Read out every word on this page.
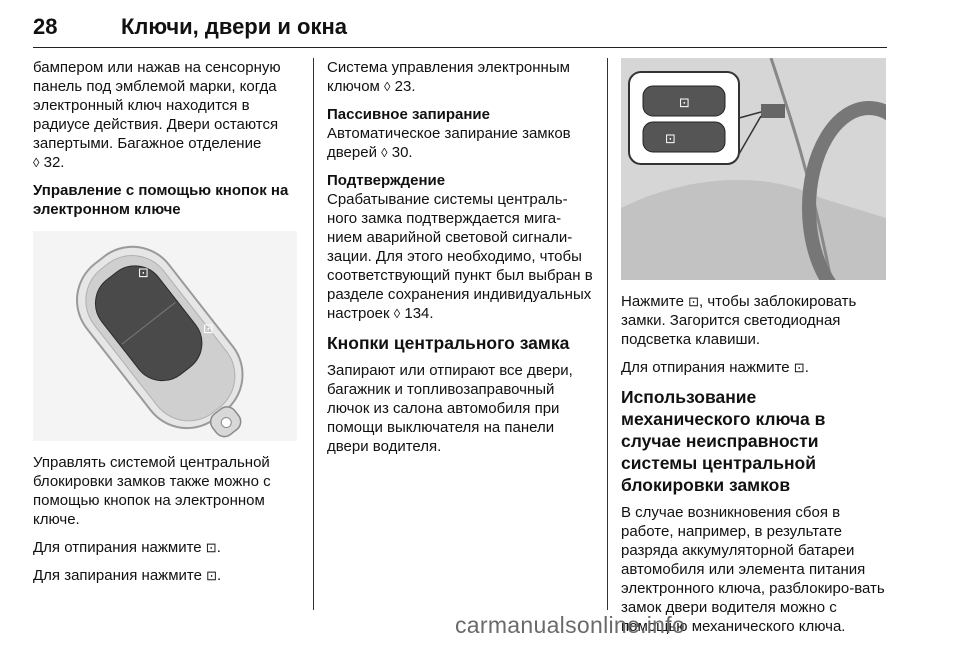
28	Ключи, двери и окна

бампером или нажав на сенсорную панель под эмблемой марки, когда электронный ключ находится в радиусе действия. Двери остаются запертыми. Багажное отделение
◊ 32.

Управление с помощью кнопок на электронном ключе
⊡
⊡

Управлять системой центральной блокировки замков также можно с помощью кнопок на электронном ключе.

Для отпирания нажмите ⊡.

Для запирания нажмите ⊡.

Система управления электронным ключом ◊ 23.

Пассивное запирание

Автоматическое запирание замков дверей ◊ 30.

Подтверждение

Срабатывание системы централь-ного замка подтверждается мига-нием аварийной световой сигнали-зации. Для этого необходимо, чтобы соответствующий пункт был выбран в разделе сохранения индивидуальных настроек ◊ 134.

Кнопки центрального замка

Запирают или отпирают все двери, багажник и топливозаправочный лючок из салона автомобиля при помощи выключателя на панели двери водителя.

⊡
⊡

Нажмите ⊡, чтобы заблокировать замки. Загорится светодиодная подсветка клавиши.

Для отпирания нажмите ⊡.

Использование механического ключа в случае неисправности системы центральной блокировки замков

В случае возникновения сбоя в работе, например, в результате разряда аккумуляторной батареи автомобиля или элемента питания электронного ключа, разблокиро-вать замок двери водителя можно с помощью механического ключа.

carmanualsonline.info
